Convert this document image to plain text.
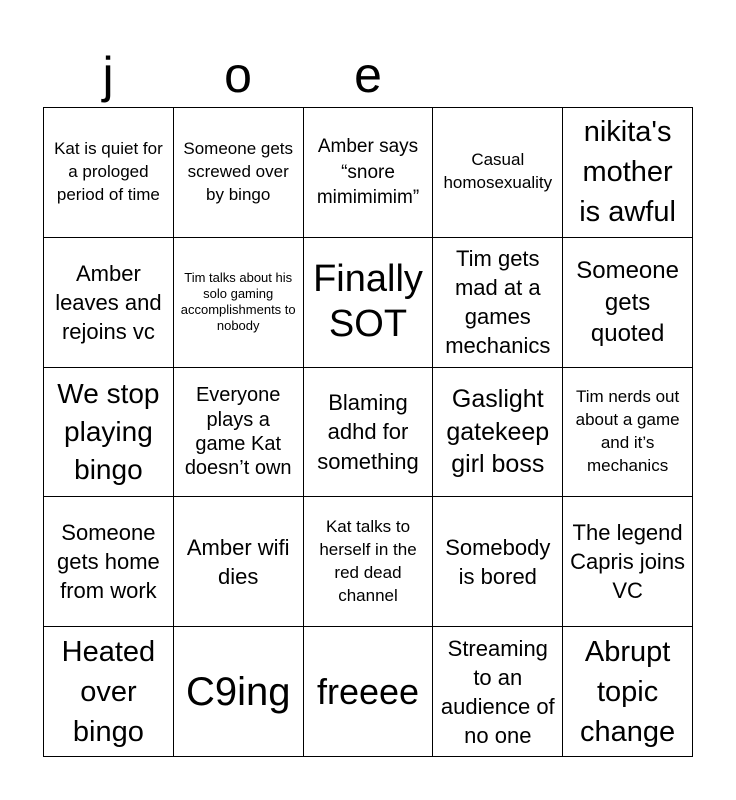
j	o	e
Kat is quiet for a prologed period of time
Someone gets screwed over by bingo
Amber says “snore mimimimim”
Casual homosexuality
nikita's mother is awful
Amber leaves and rejoins vc
Tim talks about his solo gaming accomplishments to nobody
Finally SOT
Tim gets mad at a games mechanics
Someone gets quoted
We stop playing bingo
Everyone plays a game Kat doesn’t own
Blaming adhd for something
Gaslight gatekeep girl boss
Tim nerds out about a game and it’s mechanics
Someone gets home from work
Amber wifi dies
Kat talks to herself in the red dead channel
Somebody is bored
The legend Capris joins VC
Heated over bingo
C9ing freeee
Streaming to an audience of no one
Abrupt topic change
